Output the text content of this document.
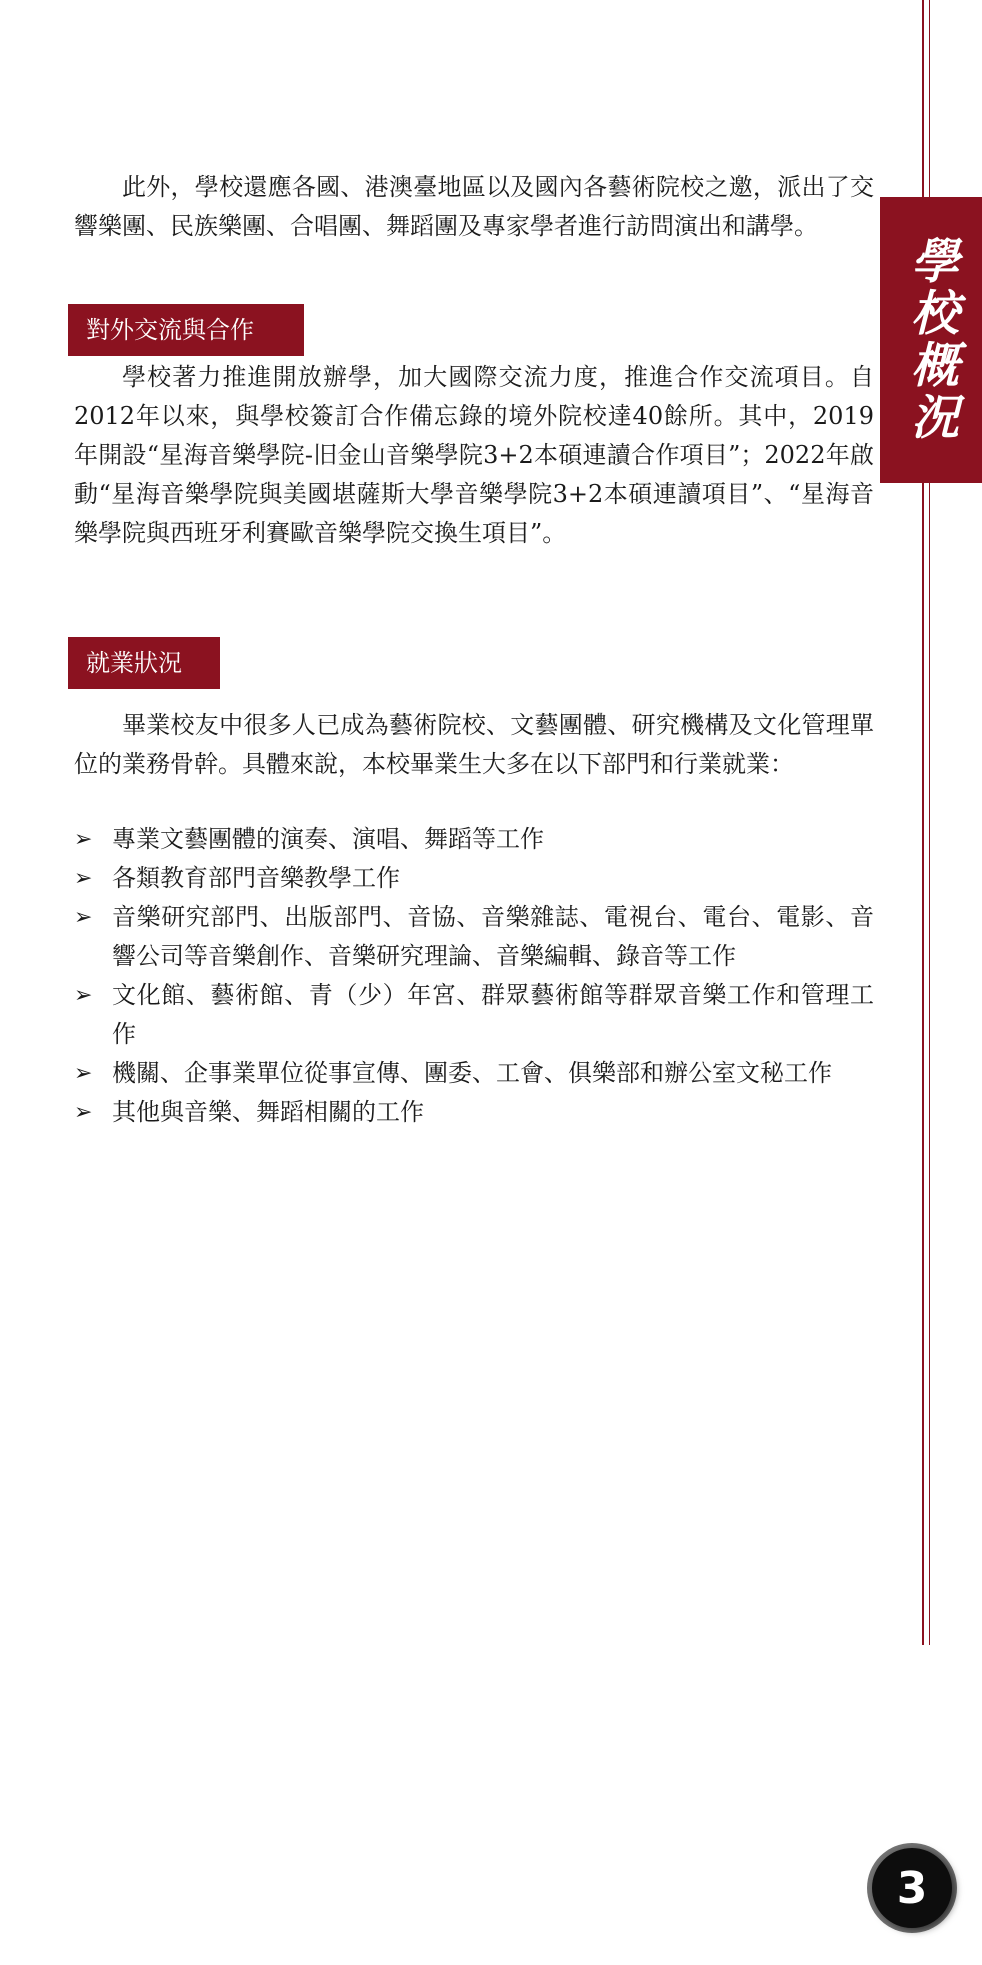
學校概況

此外，學校還應各國、港澳臺地區以及國內各藝術院校之邀，派出了交響樂團、民族樂團、合唱團、舞蹈團及專家學者進行訪問演出和講學。

對外交流與合作

學校著力推進開放辦學，加大國際交流力度，推進合作交流項目。自2012年以來，與學校簽訂合作備忘錄的境外院校達40餘所。其中，2019年開設“星海音樂學院-旧金山音樂學院3+2本碩連讀合作項目”；2022年啟動“星海音樂學院與美國堪薩斯大學音樂學院3+2本碩連讀項目”、“星海音樂學院與西班牙利賽歐音樂學院交換生項目”。

就業狀況

畢業校友中很多人已成為藝術院校、文藝團體、研究機構及文化管理單位的業務骨幹。具體來說，本校畢業生大多在以下部門和行業就業：

➢ 專業文藝團體的演奏、演唱、舞蹈等工作
➢ 各類教育部門音樂教學工作
➢ 音樂研究部門、出版部門、音協、音樂雜誌、電視台、電台、電影、音響公司等音樂創作、音樂研究理論、音樂編輯、錄音等工作
➢ 文化館、藝術館、青（少）年宮、群眾藝術館等群眾音樂工作和管理工作
➢ 機關、企事業單位從事宣傳、團委、工會、俱樂部和辦公室文秘工作
➢ 其他與音樂、舞蹈相關的工作
3
